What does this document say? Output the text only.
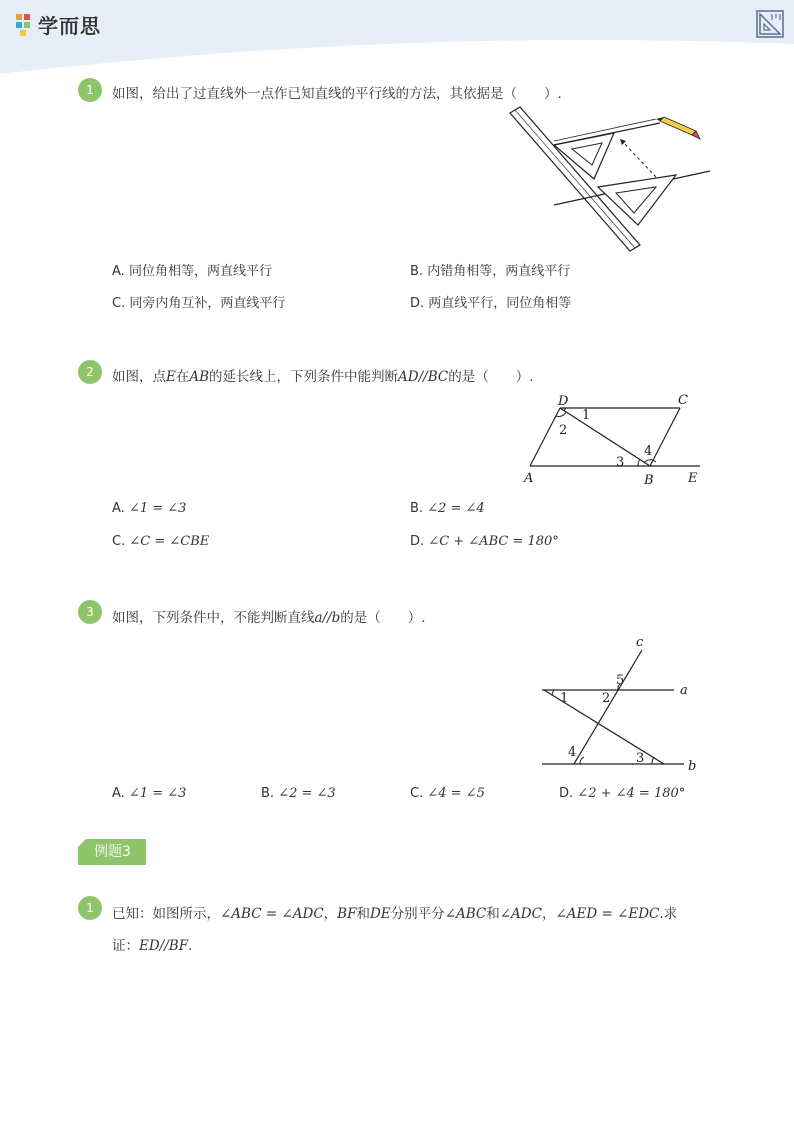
学而思
1	如图，给出了过直线外一点作已知直线的平行线的方法，其依据是（　　）.
A. 同位角相等，两直线平行	B. 内错角相等，两直线平行
C. 同旁内角互补，两直线平行	D. 两直线平行，同位角相等
2	如图，点E在AB的延长线上，下列条件中能判断AD//BC的是（　　）.
D	C
A	B	E
1
2
3
4
A. ∠1 = ∠3	B. ∠2 = ∠4
C. ∠C = ∠CBE	D. ∠C + ∠ABC = 180°
3	如图，下列条件中，不能判断直线a//b的是（　　）.
c
a
b
1	2
3
4
5
A. ∠1 = ∠3	B. ∠2 = ∠3	C. ∠4 = ∠5	D. ∠2 + ∠4 = 180°
例题3
1	已知：如图所示，∠ABC = ∠ADC，BF和DE分别平分∠ABC和∠ADC，∠AED = ∠EDC.求
证：ED//BF.
